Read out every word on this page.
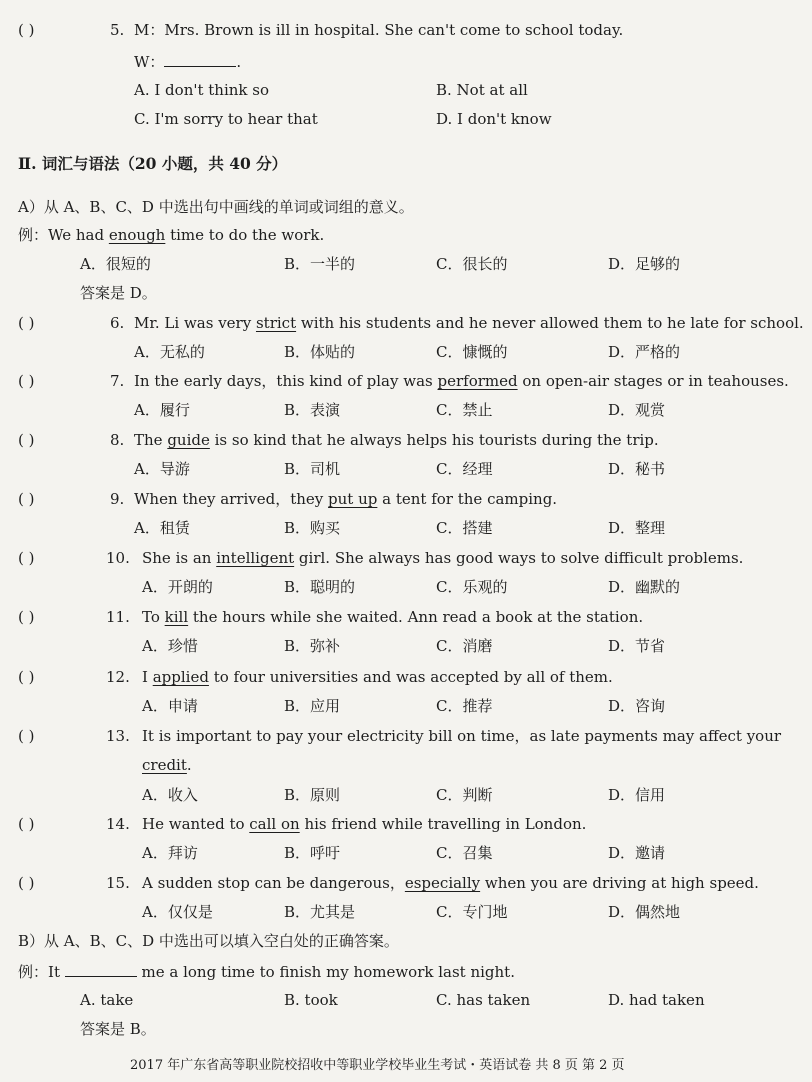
( )	5. M：Mrs. Brown is ill in hospital. She can't come to school today.
W：	.
A. I don't think so	B. Not at all
C. I'm sorry to hear that	D. I don't know
Ⅱ. 词汇与语法（20 小题，共 40 分）
A）从 A、B、C、D 中选出句中画线的单词或词组的意义。
例：We had enough time to do the work.
A．很短的	B．一半的	C．很长的	D．足够的
答案是 D。
( )	6. Mr. Li was very strict with his students and he never allowed them to he late for school.
A．无私的	B．体贴的	C．慷慨的	D．严格的
( )	7. In the early days，this kind of play was performed on open-air stages or in teahouses.
A．履行	B．表演	C．禁止	D．观赏
( )	8. The guide is so kind that he always helps his tourists during the trip.
A．导游	B．司机	C．经理	D．秘书
( )	9. When they arrived，they put up a tent for the camping.
A．租赁	B．购买	C．搭建	D．整理
( )	10. She is an intelligent girl. She always has good ways to solve difficult problems.
A．开朗的	B．聪明的	C．乐观的	D．幽默的
( )	11. To kill the hours while she waited. Ann read a book at the station.
A．珍惜	B．弥补	C．消磨	D．节省
( )	12. I applied to four universities and was accepted by all of them.
A．申请	B．应用	C．推荐	D．咨询
( )	13. It is important to pay your electricity bill on time，as late payments may affect your
credit.
A．收入	B．原则	C．判断	D．信用
( )	14. He wanted to call on his friend while travelling in London.
A．拜访	B．呼吁	C．召集	D．邀请
( )	15. A sudden stop can be dangerous，especially when you are driving at high speed.
A．仅仅是	B．尤其是	C．专门地	D．偶然地
B）从 A、B、C、D 中选出可以填入空白处的正确答案。
例：It	me a long time to finish my homework last night.
A. take	B. took	C. has taken	D. had taken
答案是 B。
2017 年广东省高等职业院校招收中等职业学校毕业生考试・英语试卷 共 8 页 第 2 页
